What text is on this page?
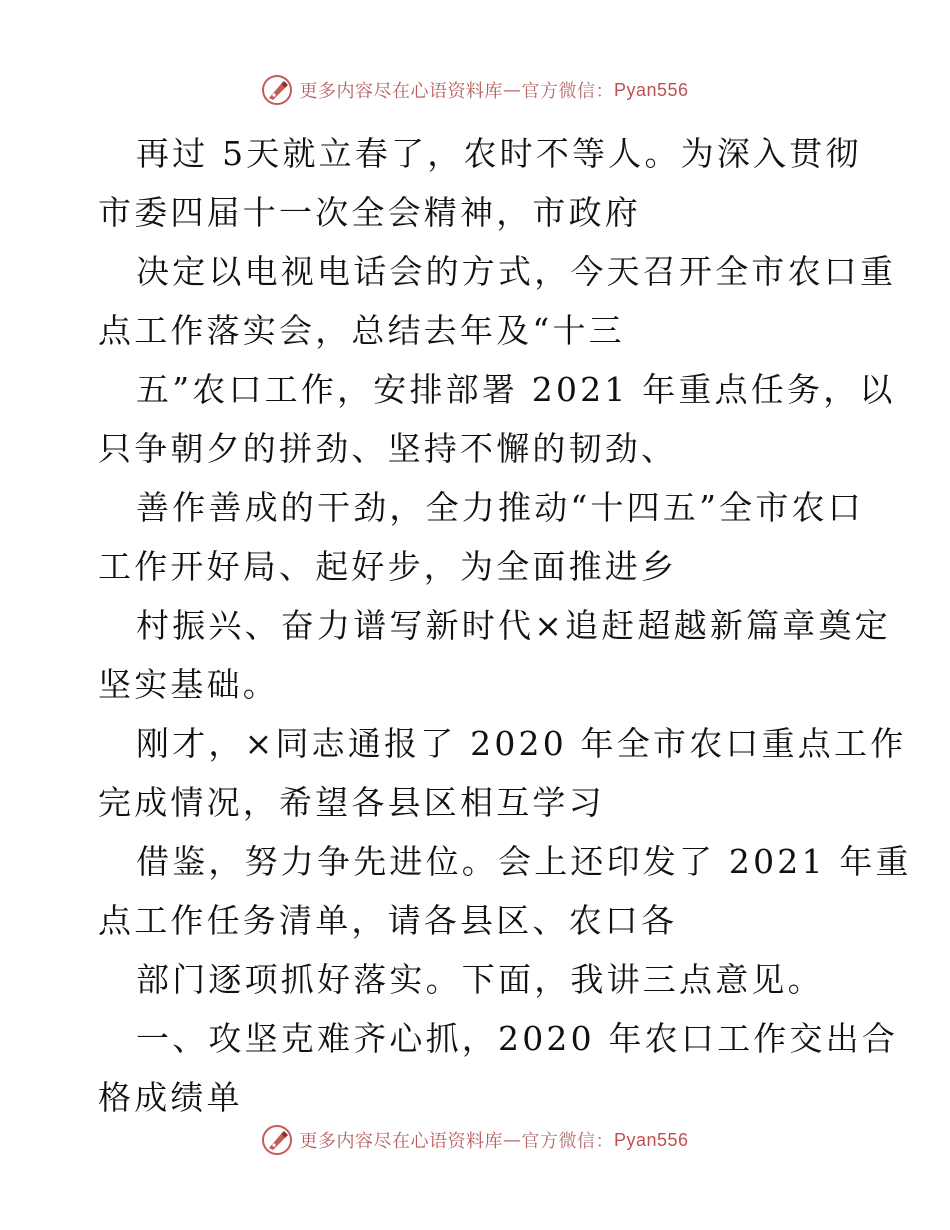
更多内容尽在心语资料库 — 官方微信： Pyan556
再过 5天就立春了，农时不等人。为深入贯彻
市委四届十一次全会精神，市政府
决定以电视电话会的方式，今天召开全市农口重
点工作落实会，总结去年及“十三
五”农口工作，安排部署 2021 年重点任务，以
只争朝夕的拼劲、坚持不懈的韧劲、
善作善成的干劲，全力推动“十四五”全市农口
工作开好局、起好步，为全面推进乡
村振兴、奋力谱写新时代×追赶超越新篇章奠定
坚实基础。
刚才，×同志通报了 2020 年全市农口重点工作
完成情况，希望各县区相互学习
借鉴，努力争先进位。会上还印发了 2021 年重
点工作任务清单，请各县区、农口各
部门逐项抓好落实。下面，我讲三点意见。
一、攻坚克难齐心抓，2020 年农口工作交出合
格成绩单
更多内容尽在心语资料库 — 官方微信： Pyan556
